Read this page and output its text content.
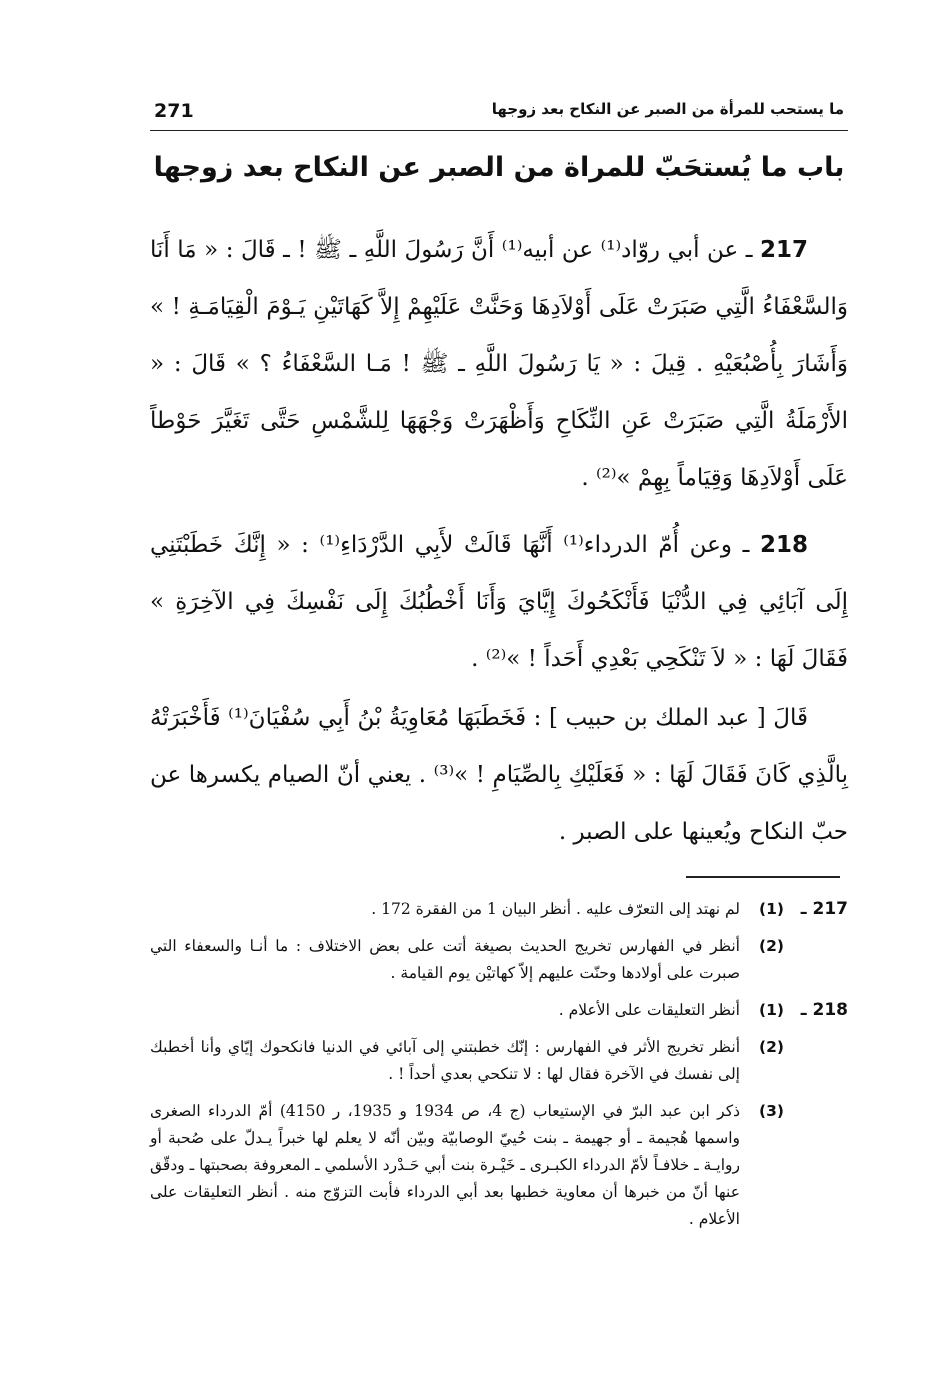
271	ما يستحب للمرأة من الصبر عن النكاح بعد زوجها
باب ما يُستحَبّ للمراة من الصبر عن النكاح بعد زوجها

217 ـ عن أبي روّاد⁽¹⁾ عن أبيه⁽¹⁾ أَنَّ رَسُولَ اللَّهِ ـ ﷺ ! ـ قَالَ : « مَا أَنَا وَالسَّعْفَاءُ الَّتِي صَبَرَتْ عَلَى أَوْلاَدِهَا وَحَنَّتْ عَلَيْهِمْ إِلاَّ كَهَاتَيْنِ يَـوْمَ الْقِيَامَـةِ ! » وَأَشَارَ بِأُصْبُعَيْهِ . قِيلَ : « يَا رَسُولَ اللَّهِ ـ ﷺ ! مَـا السَّعْفَاءُ ؟ » قَالَ : « الأَرْمَلَةُ الَّتِي صَبَرَتْ عَنِ النِّكَاحِ وَأَظْهَرَتْ وَجْهَهَا لِلشَّمْسِ حَتَّى تَغَيَّرَ حَوْطاً عَلَى أَوْلاَدِهَا وَقِيَاماً بِهِمْ »⁽²⁾ .

218 ـ وعن أُمّ الدرداء⁽¹⁾ أَنَّهَا قَالَتْ لأَبِي الدَّرْدَاءِ⁽¹⁾ : « إِنَّكَ خَطَبْتَنِي إِلَى آبَائِي فِي الدُّنْيَا فَأَنْكَحُوكَ إِيَّايَ وَأَنَا أَخْطُبُكَ إِلَى نَفْسِكَ فِي الآخِرَةِ » فَقَالَ لَهَا : « لاَ تَنْكَحِي بَعْدِي أَحَداً ! »⁽²⁾ .

قَالَ [ عبد الملك بن حبيب ] : فَخَطَبَهَا مُعَاوِيَةُ بْنُ أَبِي سُفْيَانَ⁽¹⁾ فَأَخْبَرَتْهُ بِالَّذِي كَانَ فَقَالَ لَهَا : « فَعَلَيْكِ بِالصِّيَامِ ! »⁽³⁾ . يعني أنّ الصيام يكسرها عن حبّ النكاح ويُعينها على الصبر .

217 ـ
(1)
لم نهتد إلى التعرّف عليه . أنظر البيان 1 من الفقرة 172 .
(2)
أنظر في الفهارس تخريج الحديث بصيغة أتت على بعض الاختلاف : ما أنـا والسعفاء التي صبرت على أولادها وحنّت عليهم إلاّ كهاتيْن يوم القيامة .
218 ـ
(1)
أنظر التعليقات على الأعلام .
(2)
أنظر تخريج الأثر في الفهارس : إنّك خطبتني إلى آبائي في الدنيا فانكحوك إيّاي وأنا أخطبك إلى نفسك في الآخرة فقال لها : لا تنكحي بعدي أحداً ! .
(3)
ذكر ابن عبد البرّ في الإستيعاب (ج 4، ص 1934 و 1935، ر 4150) أمّ الدرداء الصغرى واسمها هُجيمة ـ أو جهيمة ـ بنت حُييّ الوصابيّة وبيّن أنّه لا يعلم لها خبراً يـدلّ على صُحبة أو روايـة ـ خلافـاً لأمّ الدرداء الكبـرى ـ خَيْـرة بنت أبي حَـدْرد الأسلمي ـ المعروفة بصحبتها ـ ودقّق عنها أنّ من خبرها أن معاوية خطبها بعد أبي الدرداء فأبت التزوّج منه . أنظر التعليقات على الأعلام .
